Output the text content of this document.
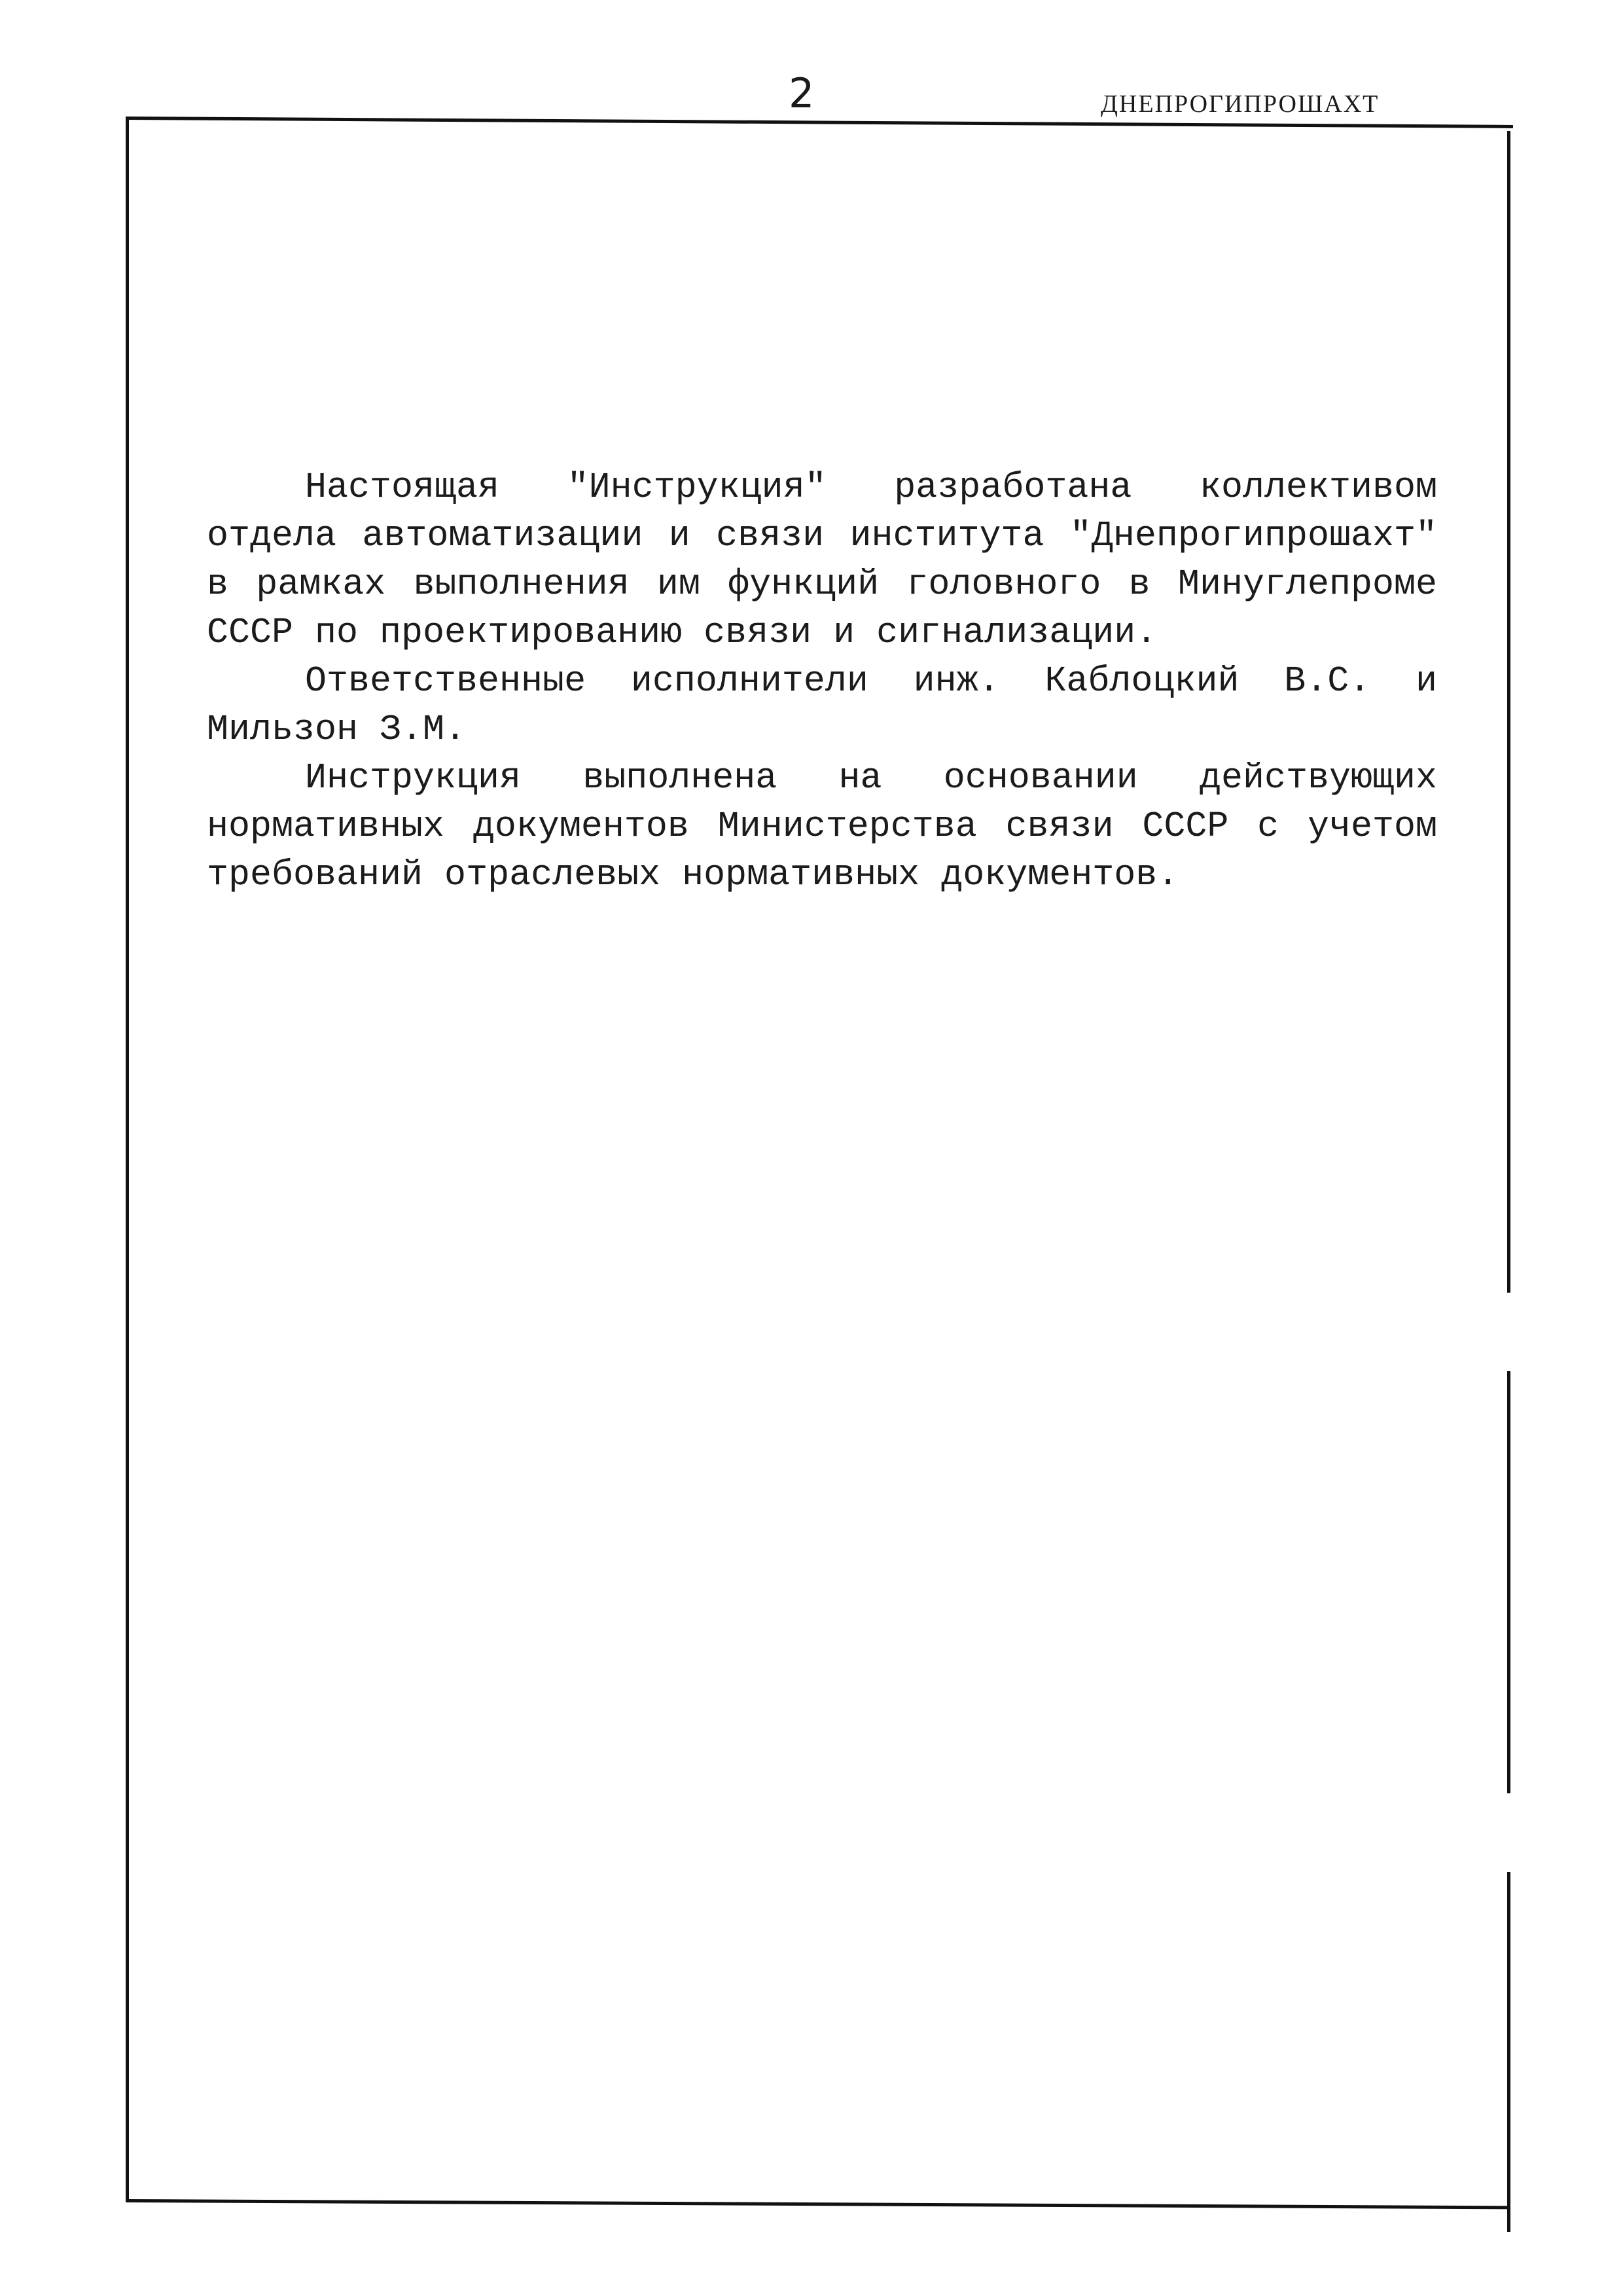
2	ДНЕПРОГИПРОШАХТ

Настоящая "Инструкция" разработана коллективом отдела автоматизации и связи института "Днепрогипрошахт" в рамках выполнения им функций головного в Минуглепроме СССР по проектированию связи и сигнализации.

Ответственные исполнители инж. Каблоцкий В.С. и Мильзон З.М.

Инструкция выполнена на основании действующих нормативных документов Министерства связи СССР с учетом требований отраслевых нормативных документов.
